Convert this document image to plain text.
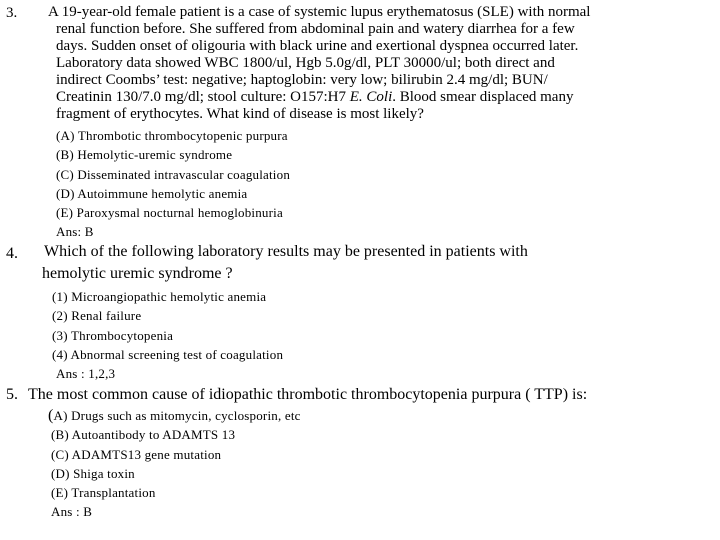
3. A 19-year-old female patient is a case of systemic lupus erythematosus (SLE) with normal
renal function before. She suffered from abdominal pain and watery diarrhea for a few
days. Sudden onset of oligouria with black urine and exertional dyspnea occurred later.
Laboratory data showed WBC 1800/ul, Hgb 5.0g/dl, PLT 30000/ul; both direct and
indirect Coombs’ test: negative; haptoglobin: very low; bilirubin 2.4 mg/dl; BUN/
Creatinin 130/7.0 mg/dl; stool culture: O157:H7 E. Coli. Blood smear displaced many
fragment of erythocytes. What kind of disease is most likely?
(A) Thrombotic thrombocytopenic purpura
(B) Hemolytic-uremic syndrome
(C) Disseminated intravascular coagulation
(D) Autoimmune hemolytic anemia
(E) Paroxysmal nocturnal hemoglobinuria
Ans: B
4. Which of the following laboratory results may be presented in patients with
hemolytic uremic syndrome ?
(1) Microangiopathic hemolytic anemia
(2) Renal failure
(3) Thrombocytopenia
(4) Abnormal screening test of coagulation
Ans : 1,2,3
5. The most common cause of idiopathic thrombotic thrombocytopenia purpura ( TTP) is:
(A) Drugs such as mitomycin, cyclosporin, etc
(B) Autoantibody to ADAMTS 13
(C) ADAMTS13 gene mutation
(D) Shiga toxin
(E) Transplantation
Ans : B
